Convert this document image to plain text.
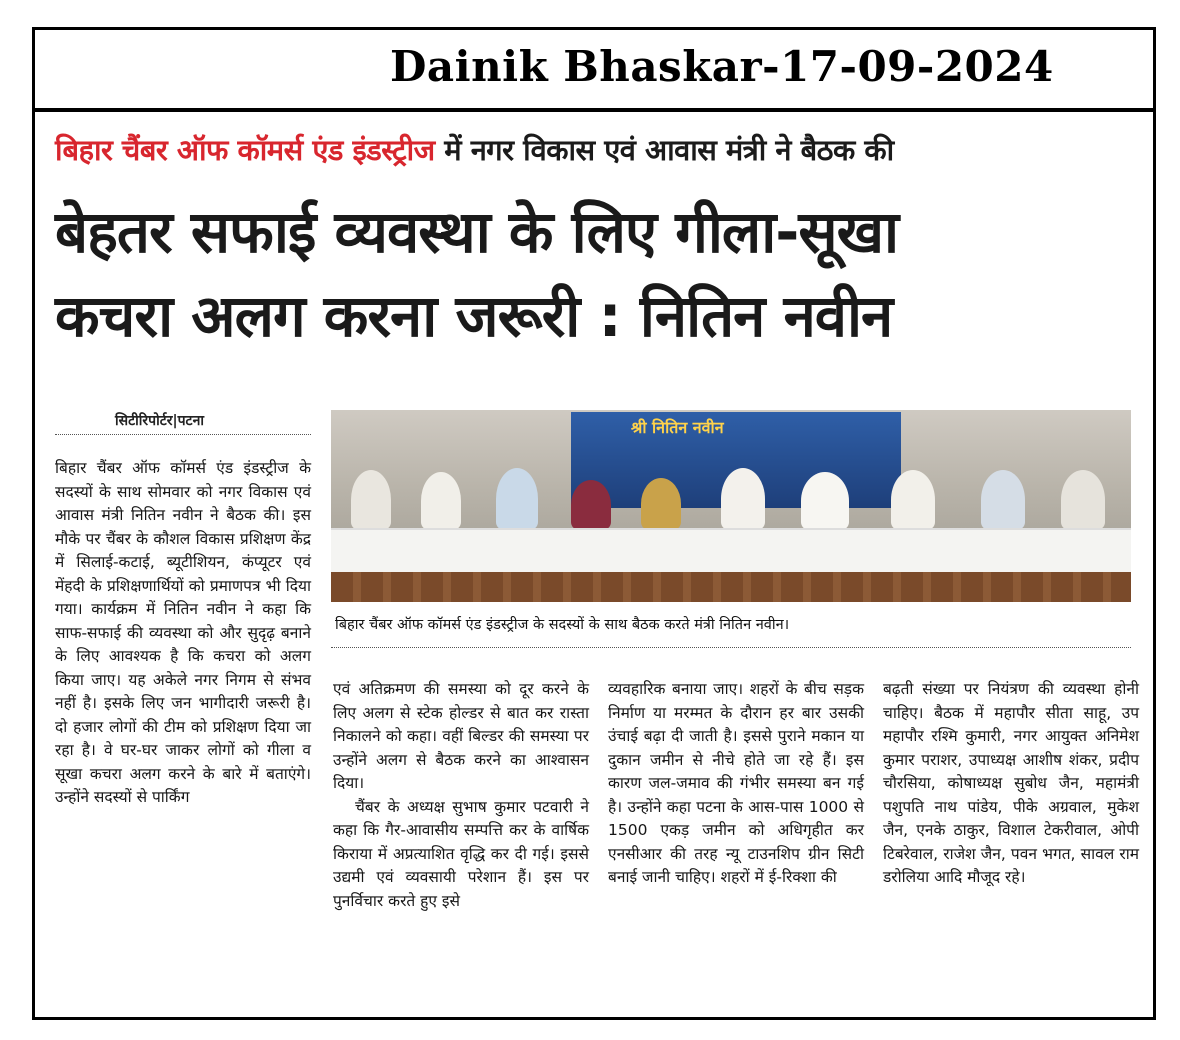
Dainik Bhaskar-17-09-2024
बिहार चैंबर ऑफ कॉमर्स एंड इंडस्ट्रीज में नगर विकास एवं आवास मंत्री ने बैठक की
बेहतर सफाई व्यवस्था के लिए गीला-सूखा
कचरा अलग करना जरूरी : नितिन नवीन
सिटीरिपोर्टर|पटना	श्री नितिन नवीन
बिहार चैंबर ऑफ कॉमर्स एंड इंडस्ट्रीज के सदस्यों के साथ बैठक करते मंत्री नितिन नवीन।

बिहार चैंबर ऑफ कॉमर्स एंड इंडस्ट्रीज के सदस्यों के साथ सोमवार को नगर विकास एवं आवास मंत्री नितिन नवीन ने बैठक की। इस मौके पर चैंबर के कौशल विकास प्रशिक्षण केंद्र में सिलाई-कटाई, ब्यूटीशियन, कंप्यूटर एवं मेंहदी के प्रशिक्षणार्थियों को प्रमाणपत्र भी दिया गया। कार्यक्रम में नितिन नवीन ने कहा कि साफ-सफाई की व्यवस्था को और सुदृढ़ बनाने के लिए आवश्यक है कि कचरा को अलग किया जाए। यह अकेले नगर निगम से संभव नहीं है। इसके लिए जन भागीदारी जरूरी है। दो हजार लोगों की टीम को प्रशिक्षण दिया जा रहा है। वे घर-घर जाकर लोगों को गीला व सूखा कचरा अलग करने के बारे में बताएंगे। उन्होंने सदस्यों से पार्किंग

एवं अतिक्रमण की समस्या को दूर करने के लिए अलग से स्टेक होल्डर से बात कर रास्ता निकालने को कहा। वहीं बिल्डर की समस्या पर उन्होंने अलग से बैठक करने का आश्वासन दिया।

चैंबर के अध्यक्ष सुभाष कुमार पटवारी ने कहा कि गैर-आवासीय सम्पत्ति कर के वार्षिक किराया में अप्रत्याशित वृद्धि कर दी गई। इससे उद्यमी एवं व्यवसायी परेशान हैं। इस पर पुनर्विचार करते हुए इसे

व्यवहारिक बनाया जाए। शहरों के बीच सड़क निर्माण या मरम्मत के दौरान हर बार उसकी उंचाई बढ़ा दी जाती है। इससे पुराने मकान या दुकान जमीन से नीचे होते जा रहे हैं। इस कारण जल-जमाव की गंभीर समस्या बन गई है। उन्होंने कहा पटना के आस-पास 1000 से 1500 एकड़ जमीन को अधिगृहीत कर एनसीआर की तरह न्यू टाउनशिप ग्रीन सिटी बनाई जानी चाहिए। शहरों में ई-रिक्शा की

बढ़ती संख्या पर नियंत्रण की व्यवस्था होनी चाहिए। बैठक में महापौर सीता साहू, उप महापौर रश्मि कुमारी, नगर आयुक्त अनिमेश कुमार पराशर, उपाध्यक्ष आशीष शंकर, प्रदीप चौरसिया, कोषाध्यक्ष सुबोध जैन, महामंत्री पशुपति नाथ पांडेय, पीके अग्रवाल, मुकेश जैन, एनके ठाकुर, विशाल टेकरीवाल, ओपी टिबरेवाल, राजेश जैन, पवन भगत, सावल राम डरोलिया आदि मौजूद रहे।
